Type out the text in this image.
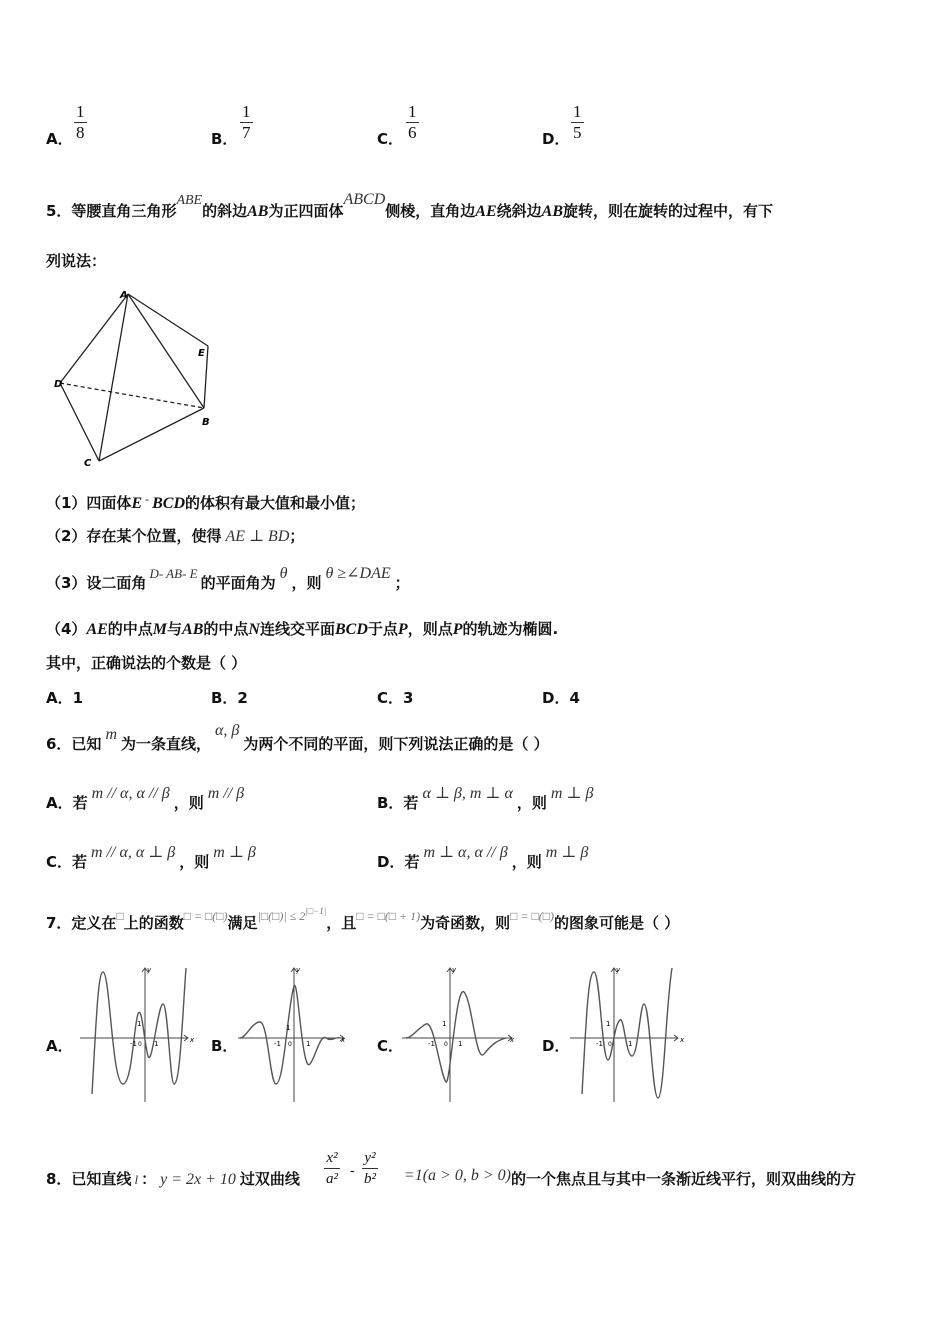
A． $\frac{1}{8}$	B． $\frac{1}{7}$	C． $\frac{1}{6}$	D． $\frac{1}{5}$
5．等腰直角三角形ABE的斜边AB为正四面体ABCD侧棱，直角边AE绕斜边AB旋转，则在旋转的过程中，有下
列说法：
A
D
C
B
E
（1）四面体E ‐ BCD的体积有最大值和最小值；
（2）存在某个位置，使得 AE ⊥ BD；
（3）设二面角$^{D‐ AB‐ E}$的平面角为θ，则θ ≥∠DAE；
（4）AE的中点M与AB的中点N连线交平面BCD于点P，则点P的轨迹为椭圆.
其中，正确说法的个数是（ ）
A．1	B．2	C．3	D．4
6．已知m为一条直线，α, β为两个不同的平面，则下列说法正确的是（ ）
A．若m // α, α // β，则m // β
B．若α ⊥ β, m ⊥ α，则m ⊥ β
C．若m // α, α ⊥ β，则m ⊥ β
D．若m ⊥ α, α // β，则m ⊥ β
7．定义在□上的函数□ = □(□)满足$^{|□(□)| \le 2|□-1|}$，且$^{□ = □(□ + 1)}$为奇函数，则□ = □(□)的图象可能是（ ）
A．	B．	C．	D．
x
y
-1 0 1
1
x
y
-1 0 1
1
x
y
-1 0 1
1
x
y
-1 0 1
1
8．已知直线 l ： y = 2x + 10 过双曲线	=1(a > 0, b > 0)的一个焦点且与其中一条渐近线平行，则双曲线的方
$\frac{\text{x²}}{\text{a²}} - \frac{\text{y²}}{\text{b²}}$
